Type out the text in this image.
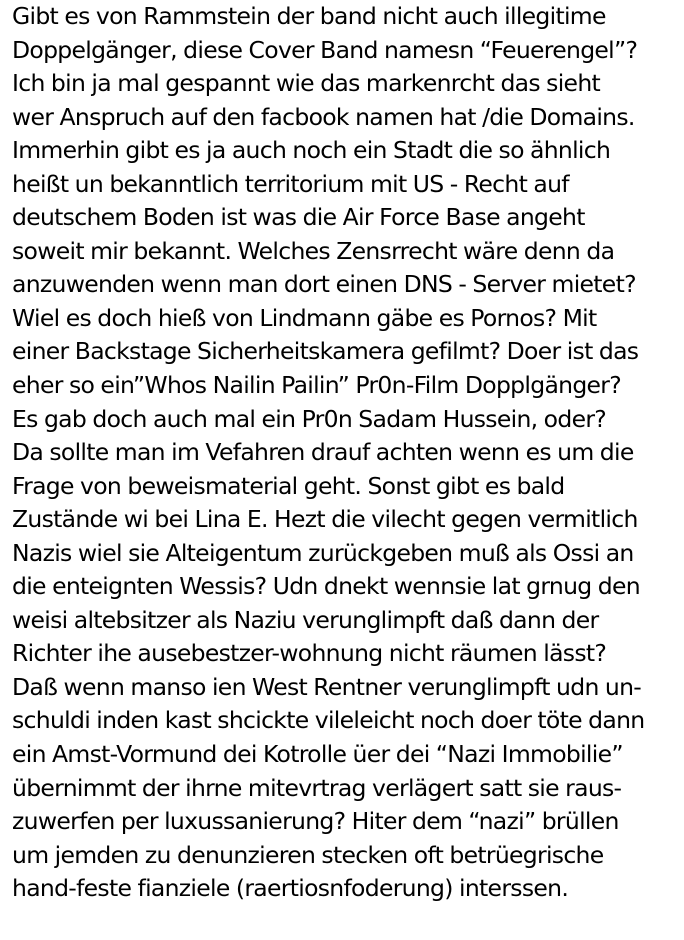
Gibt es von Rammstein der band nicht auch illegitime
Doppelgänger, diese Cover Band namesn “Feuerengel”?
Ich bin ja mal gespannt wie das markenrcht das sieht
wer Anspruch auf den facbook namen hat /die Domains.
Immerhin gibt es ja auch noch ein Stadt die so ähnlich
heißt un bekanntlich territorium mit US - Recht auf
deutschem Boden ist was die Air Force Base angeht
soweit mir bekannt. Welches Zensrrecht wäre denn da
anzuwenden wenn man dort einen DNS - Server mietet?
Wiel es doch hieß von Lindmann gäbe es Pornos? Mit
einer Backstage Sicherheitskamera gefilmt? Doer ist das
eher so ein”Whos Nailin Pailin” Pr0n-Film Dopplgänger?
Es gab doch auch mal ein Pr0n Sadam Hussein, oder?
Da sollte man im Vefahren drauf achten wenn es um die
Frage von beweismaterial geht. Sonst gibt es bald
Zustände wi bei Lina E. Hezt die vilecht gegen vermitlich
Nazis wiel sie Alteigentum zurückgeben muß als Ossi an
die enteignten Wessis? Udn dnekt wennsie lat grnug den
weisi altebsitzer als Naziu verunglimpft daß dann der
Richter ihe ausebestzer-wohnung nicht räumen lässt?
Daß wenn manso ien West Rentner verunglimpft udn un-
schuldi inden kast shcickte vileleicht noch doer töte dann
ein Amst-Vormund dei Kotrolle üer dei “Nazi Immobilie”
übernimmt der ihrne mitevrtrag verlägert satt sie raus-
zuwerfen per luxussanierung? Hiter dem “nazi” brüllen
um jemden zu denunzieren stecken oft betrüegrische
hand-feste fianziele (raertiosnfoderung) interssen.
